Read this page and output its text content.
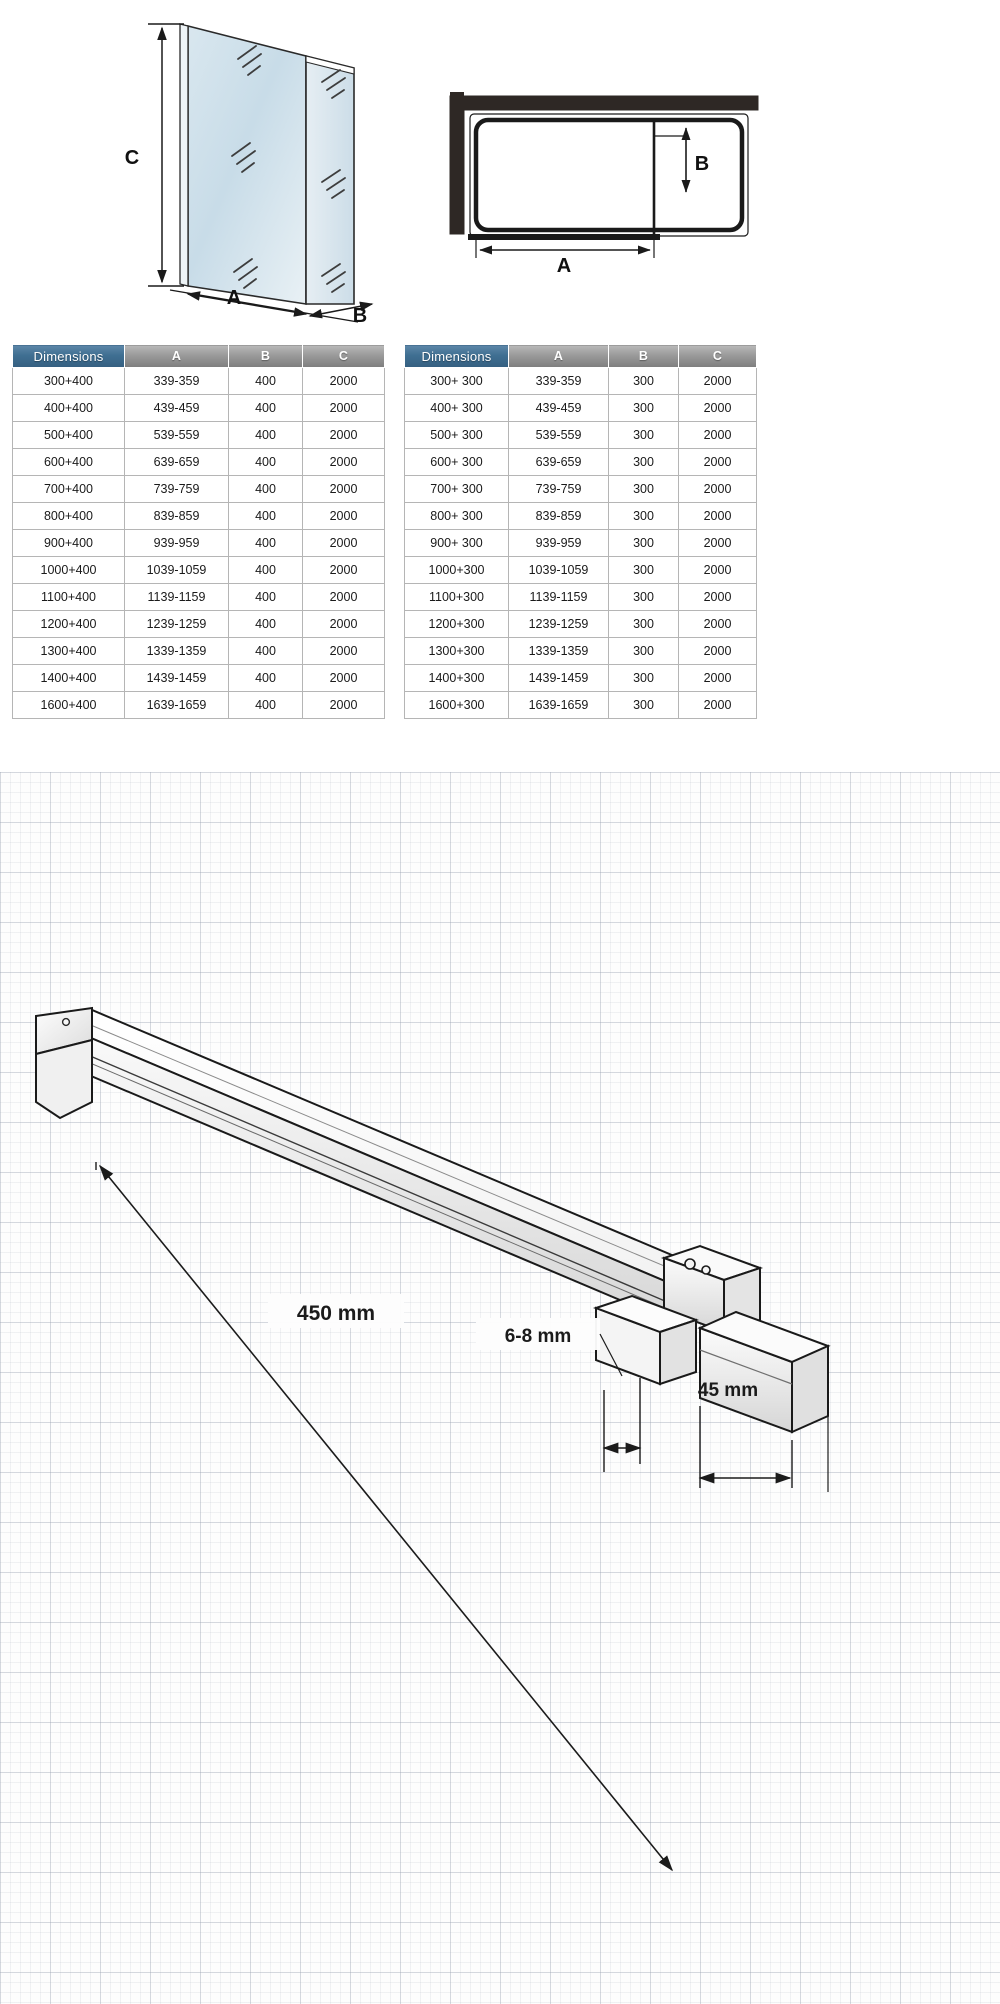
C
A
B
B
A
Dimensions	A	B	C
300+400	339-359	400	2000
400+400	439-459	400	2000
500+400	539-559	400	2000
600+400	639-659	400	2000
700+400	739-759	400	2000
800+400	839-859	400	2000
900+400	939-959	400	2000
1000+400	1039-1059	400	2000
1100+400	1139-1159	400	2000
1200+400	1239-1259	400	2000
1300+400	1339-1359	400	2000
1400+400	1439-1459	400	2000
1600+400	1639-1659	400	2000
Dimensions	A	B	C
300+ 300	339-359	300	2000
400+ 300	439-459	300	2000
500+ 300	539-559	300	2000
600+ 300	639-659	300	2000
700+ 300	739-759	300	2000
800+ 300	839-859	300	2000
900+ 300	939-959	300	2000
1000+300	1039-1059	300	2000
1100+300	1139-1159	300	2000
1200+300	1239-1259	300	2000
1300+300	1339-1359	300	2000
1400+300	1439-1459	300	2000
1600+300	1639-1659	300	2000
450 mm
6-8 mm
45 mm
